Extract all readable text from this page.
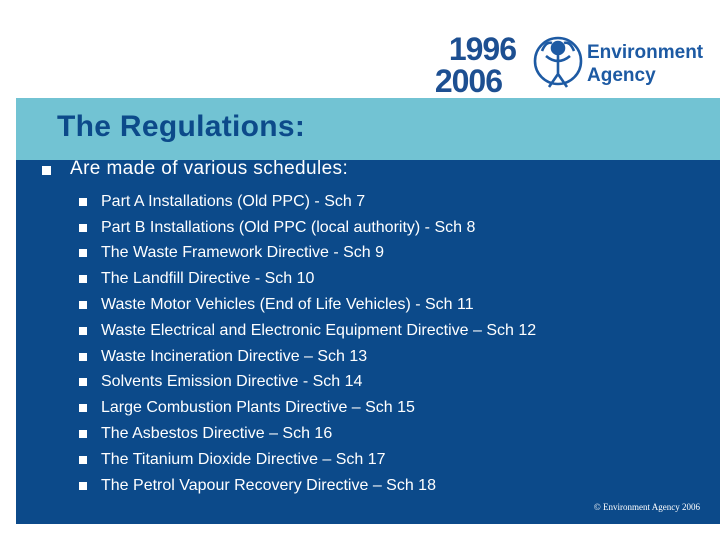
1996
2006
Environment
Agency
The Regulations:
Are made of various schedules:
Part A Installations (Old PPC) - Sch 7
Part B Installations (Old PPC (local authority) - Sch 8
The Waste Framework Directive - Sch 9
The Landfill Directive - Sch 10
Waste Motor Vehicles (End of Life Vehicles) - Sch 11
Waste Electrical and Electronic Equipment Directive – Sch 12
Waste Incineration Directive – Sch 13
Solvents Emission Directive - Sch 14
Large Combustion Plants Directive – Sch 15
The Asbestos Directive – Sch 16
The Titanium Dioxide Directive – Sch 17
The Petrol Vapour Recovery Directive – Sch 18
© Environment Agency 2006
